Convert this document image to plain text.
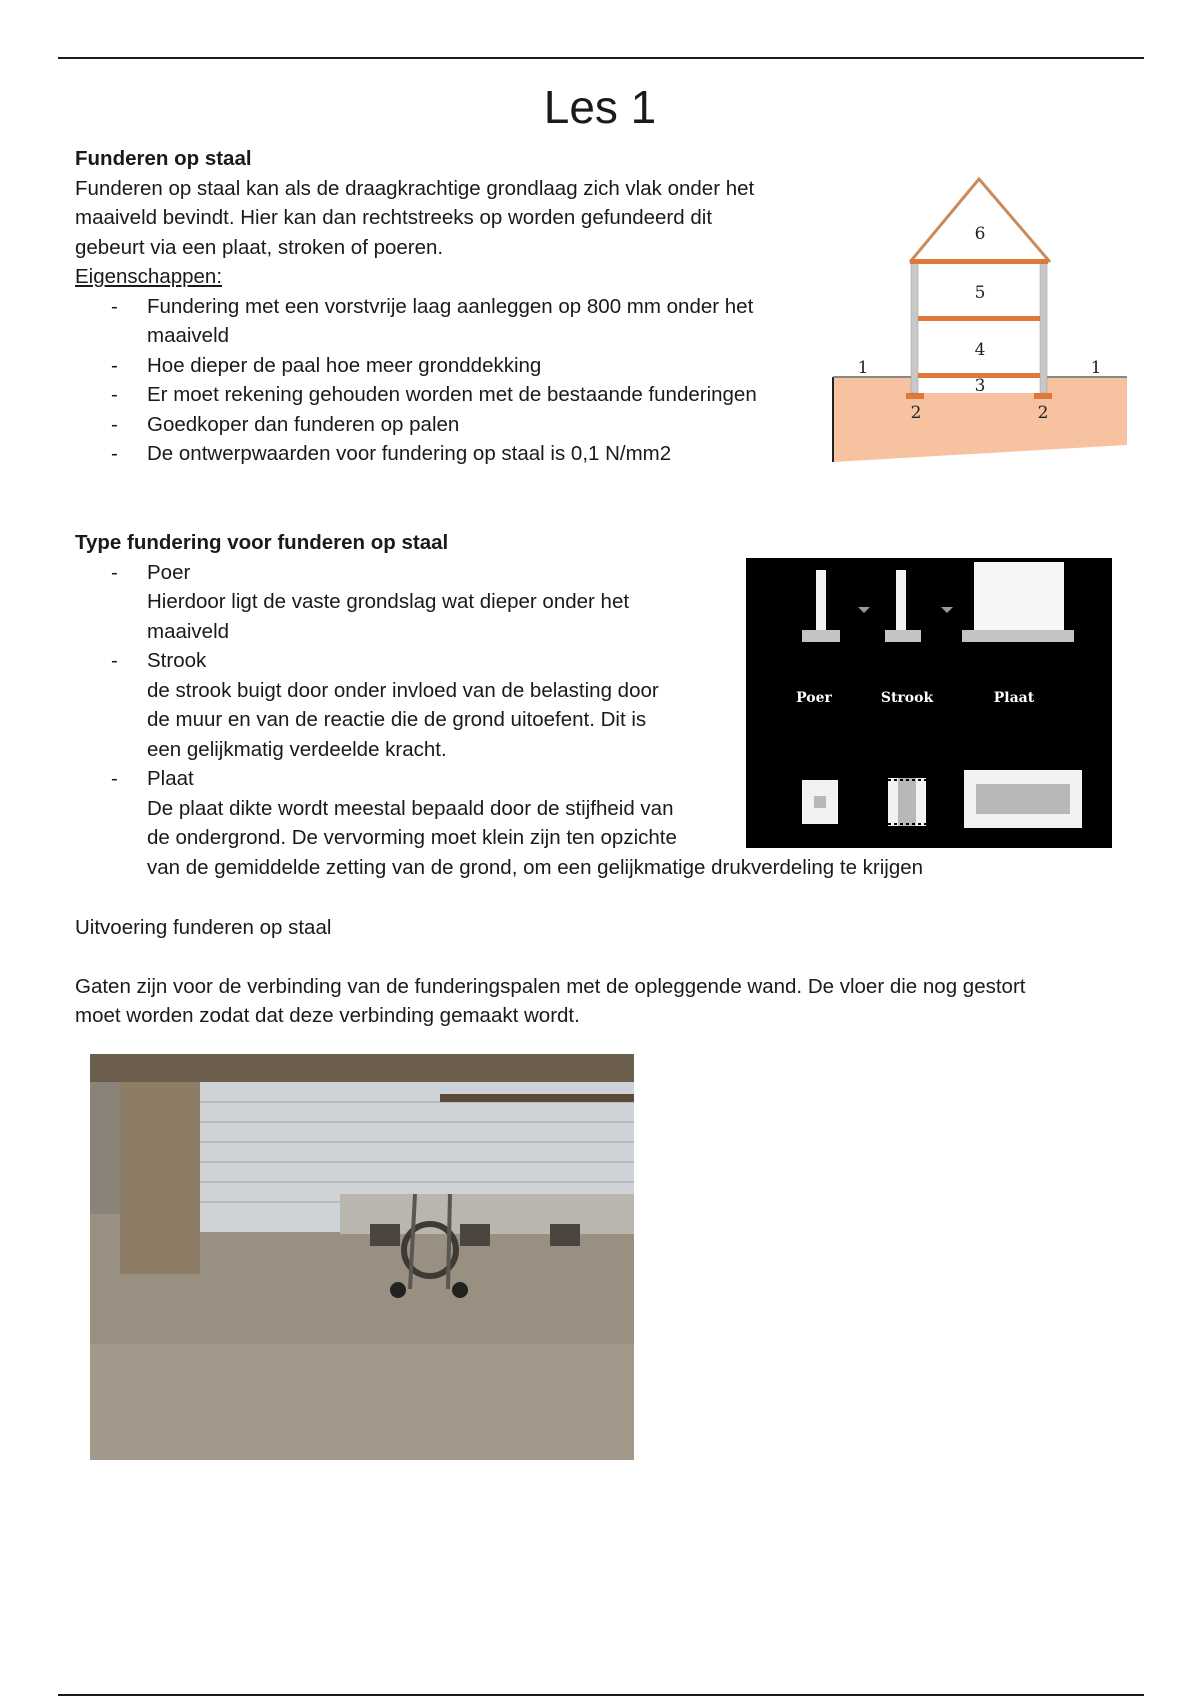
Les 1
Funderen op staal
Funderen op staal kan als de draagkrachtige grondlaag zich vlak onder het
maaiveld bevindt. Hier kan dan rechtstreeks op worden gefundeerd dit
gebeurt via een plaat, stroken of poeren.
Eigenschappen:
- Fundering met een vorstvrije laag aanleggen op 800 mm onder het
maaiveld
- Hoe dieper de paal hoe meer gronddekking
- Er moet rekening gehouden worden met de bestaande funderingen
- Goedkoper dan funderen op palen
- De ontwerpwaarden voor fundering op staal is 0,1 N/mm2
6
5
4
3
1	1
2	2
Type fundering voor funderen op staal
- Poer
Hierdoor ligt de vaste grondslag wat dieper onder het
maaiveld
- Strook
de strook buigt door onder invloed van de belasting door
de muur en van de reactie die de grond uitoefent. Dit is
een gelijkmatig verdeelde kracht.
- Plaat
De plaat dikte wordt meestal bepaald door de stijfheid van
de ondergrond. De vervorming moet klein zijn ten opzichte
van de gemiddelde zetting van de grond, om een gelijkmatige drukverdeling te krijgen
Poer	Strook	Plaat
Uitvoering funderen op staal
Gaten zijn voor de verbinding van de funderingspalen met de opleggende wand. De vloer die nog gestort
moet worden zodat dat deze verbinding gemaakt wordt.
